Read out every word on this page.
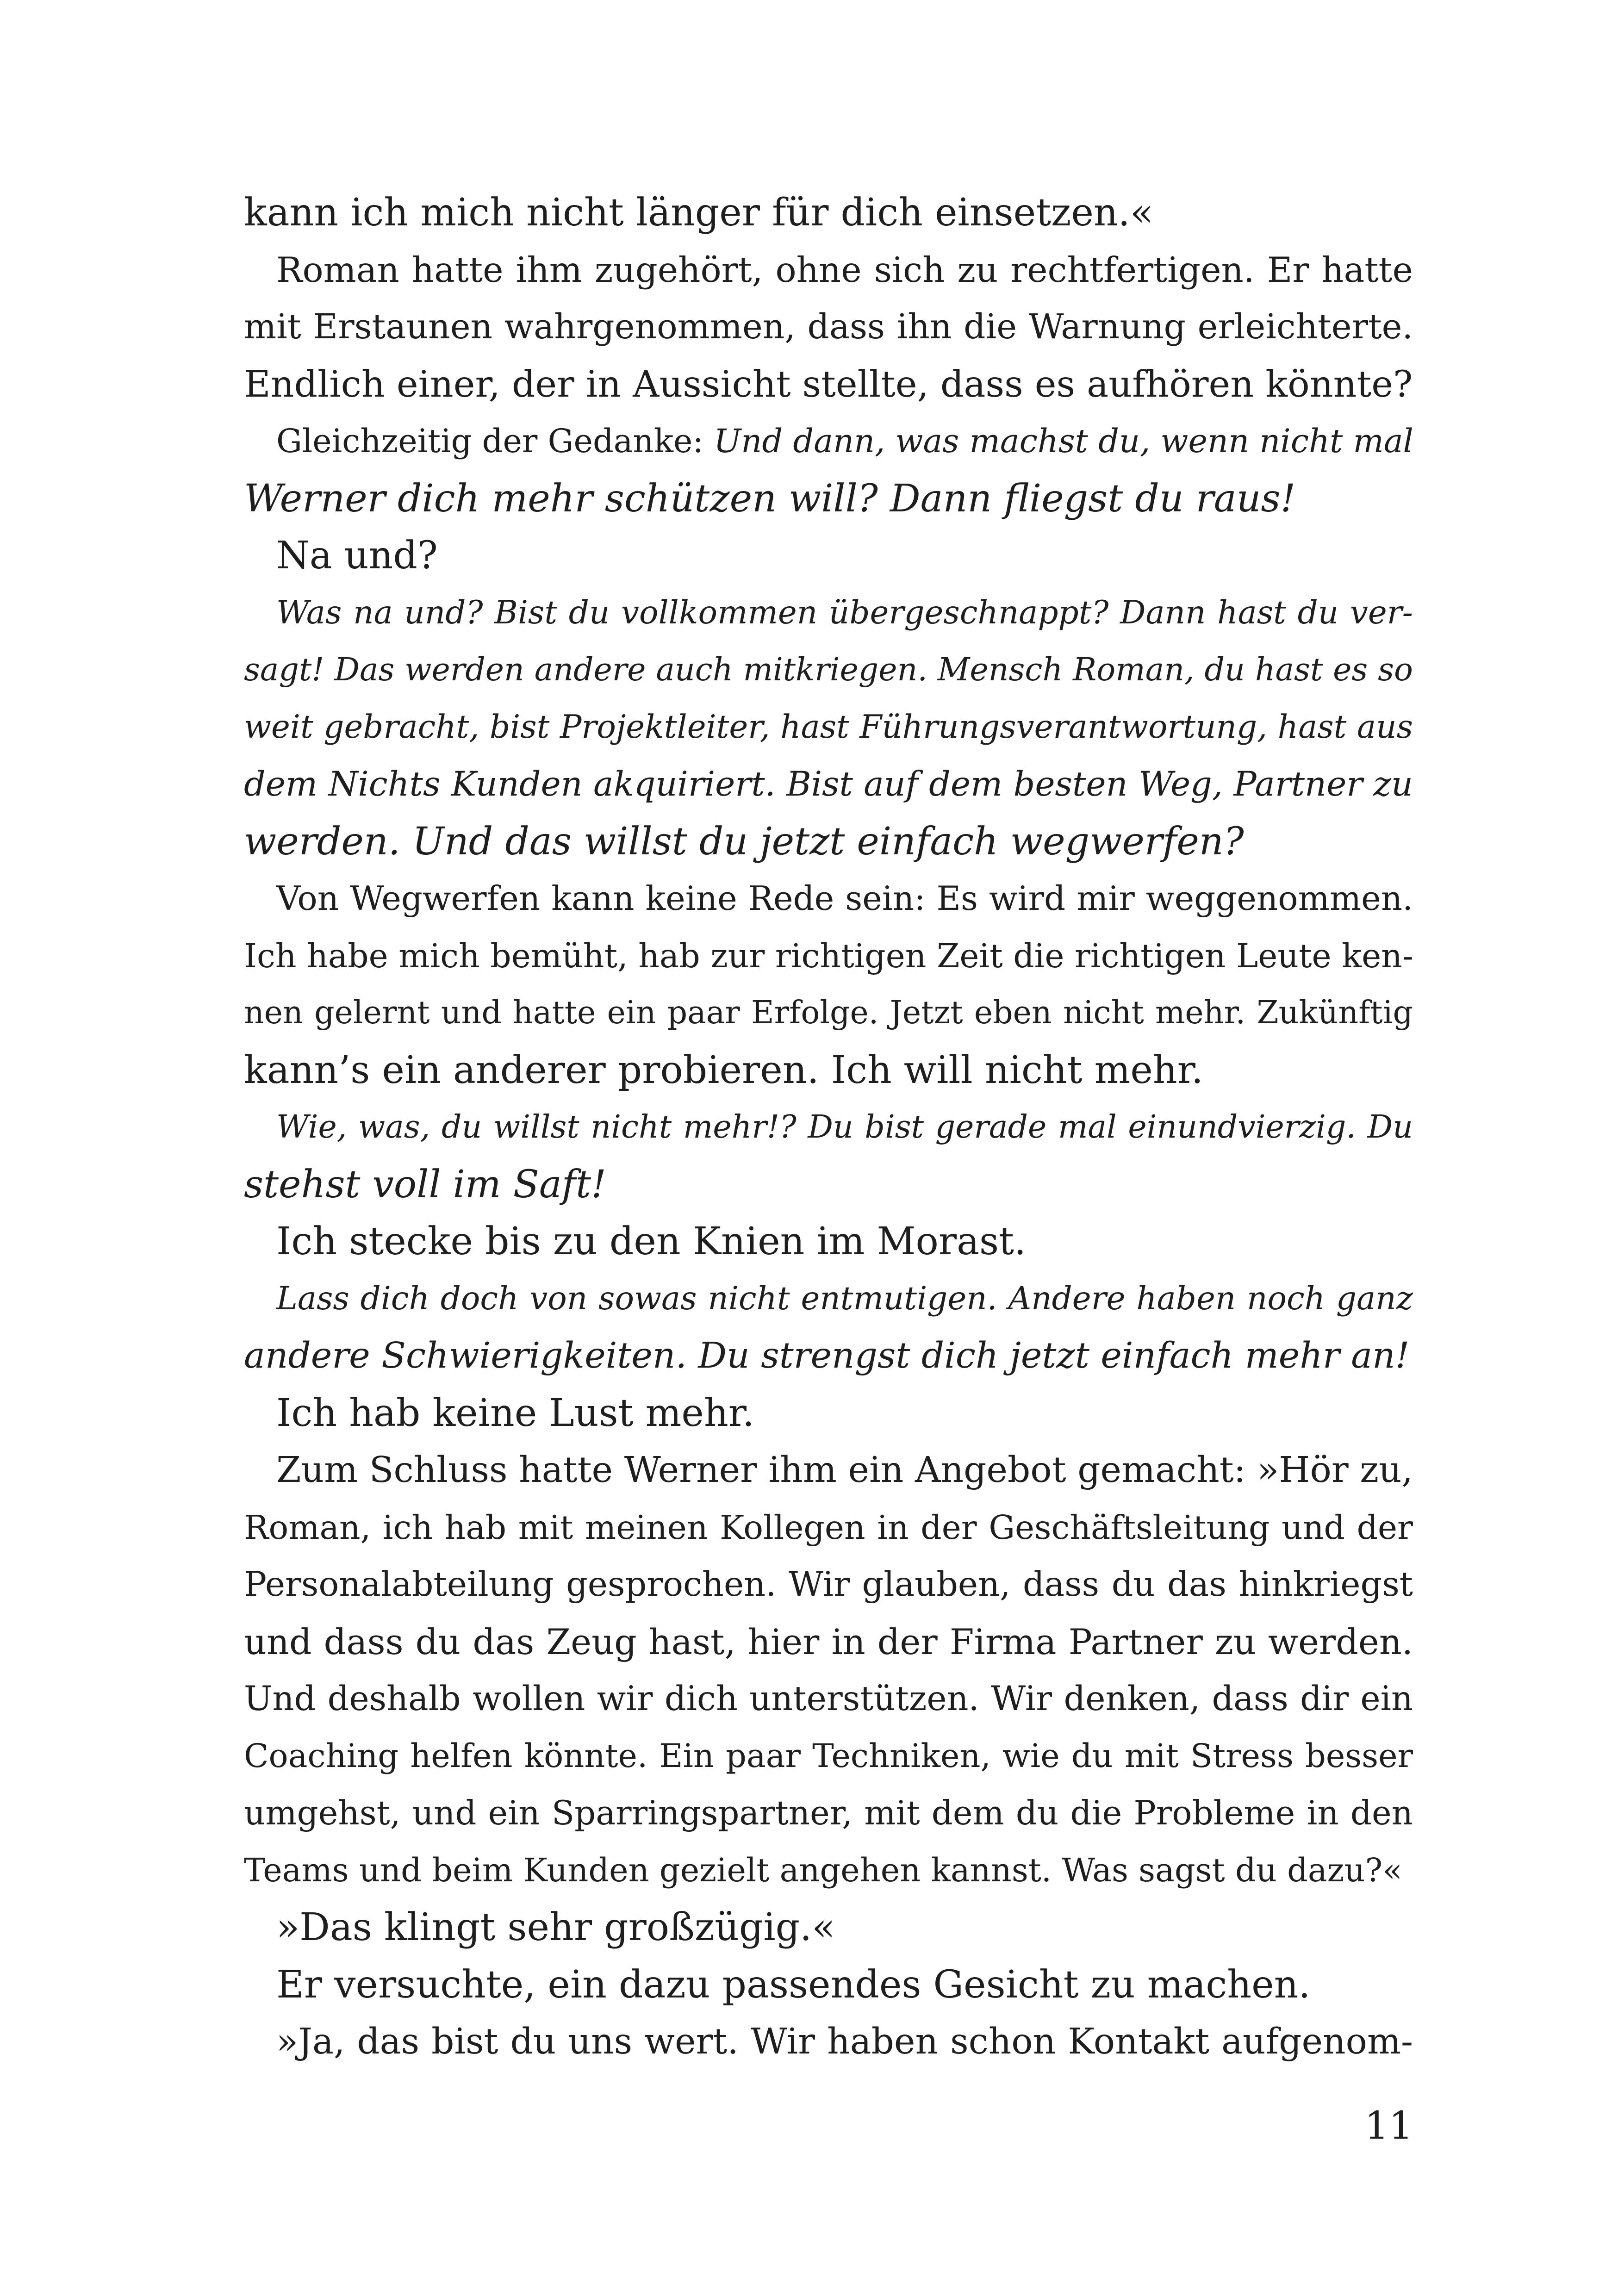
kann ich mich nicht länger für dich einsetzen.«
Roman hatte ihm zugehört, ohne sich zu rechtfertigen. Er hatte
mit Erstaunen wahrgenommen, dass ihn die Warnung erleichterte.
Endlich einer, der in Aussicht stellte, dass es aufhören könnte?
Gleichzeitig der Gedanke: Und dann, was machst du, wenn nicht mal
Werner dich mehr schützen will? Dann fliegst du raus!
Na und?
Was na und? Bist du vollkommen übergeschnappt? Dann hast du ver-
sagt! Das werden andere auch mitkriegen. Mensch Roman, du hast es so
weit gebracht, bist Projektleiter, hast Führungsverantwortung, hast aus
dem Nichts Kunden akquiriert. Bist auf dem besten Weg, Partner zu
werden. Und das willst du jetzt einfach wegwerfen?
Von Wegwerfen kann keine Rede sein: Es wird mir weggenommen.
Ich habe mich bemüht, hab zur richtigen Zeit die richtigen Leute ken-
nen gelernt und hatte ein paar Erfolge. Jetzt eben nicht mehr. Zukünftig
kann’s ein anderer probieren. Ich will nicht mehr.
Wie, was, du willst nicht mehr!? Du bist gerade mal einundvierzig. Du
stehst voll im Saft!
Ich stecke bis zu den Knien im Morast.
Lass dich doch von sowas nicht entmutigen. Andere haben noch ganz
andere Schwierigkeiten. Du strengst dich jetzt einfach mehr an!
Ich hab keine Lust mehr.
Zum Schluss hatte Werner ihm ein Angebot gemacht: »Hör zu,
Roman, ich hab mit meinen Kollegen in der Geschäftsleitung und der
Personalabteilung gesprochen. Wir glauben, dass du das hinkriegst
und dass du das Zeug hast, hier in der Firma Partner zu werden.
Und deshalb wollen wir dich unterstützen. Wir denken, dass dir ein
Coaching helfen könnte. Ein paar Techniken, wie du mit Stress besser
umgehst, und ein Sparringspartner, mit dem du die Probleme in den
Teams und beim Kunden gezielt angehen kannst. Was sagst du dazu?«
»Das klingt sehr großzügig.«
Er versuchte, ein dazu passendes Gesicht zu machen.
»Ja, das bist du uns wert. Wir haben schon Kontakt aufgenom-
11
